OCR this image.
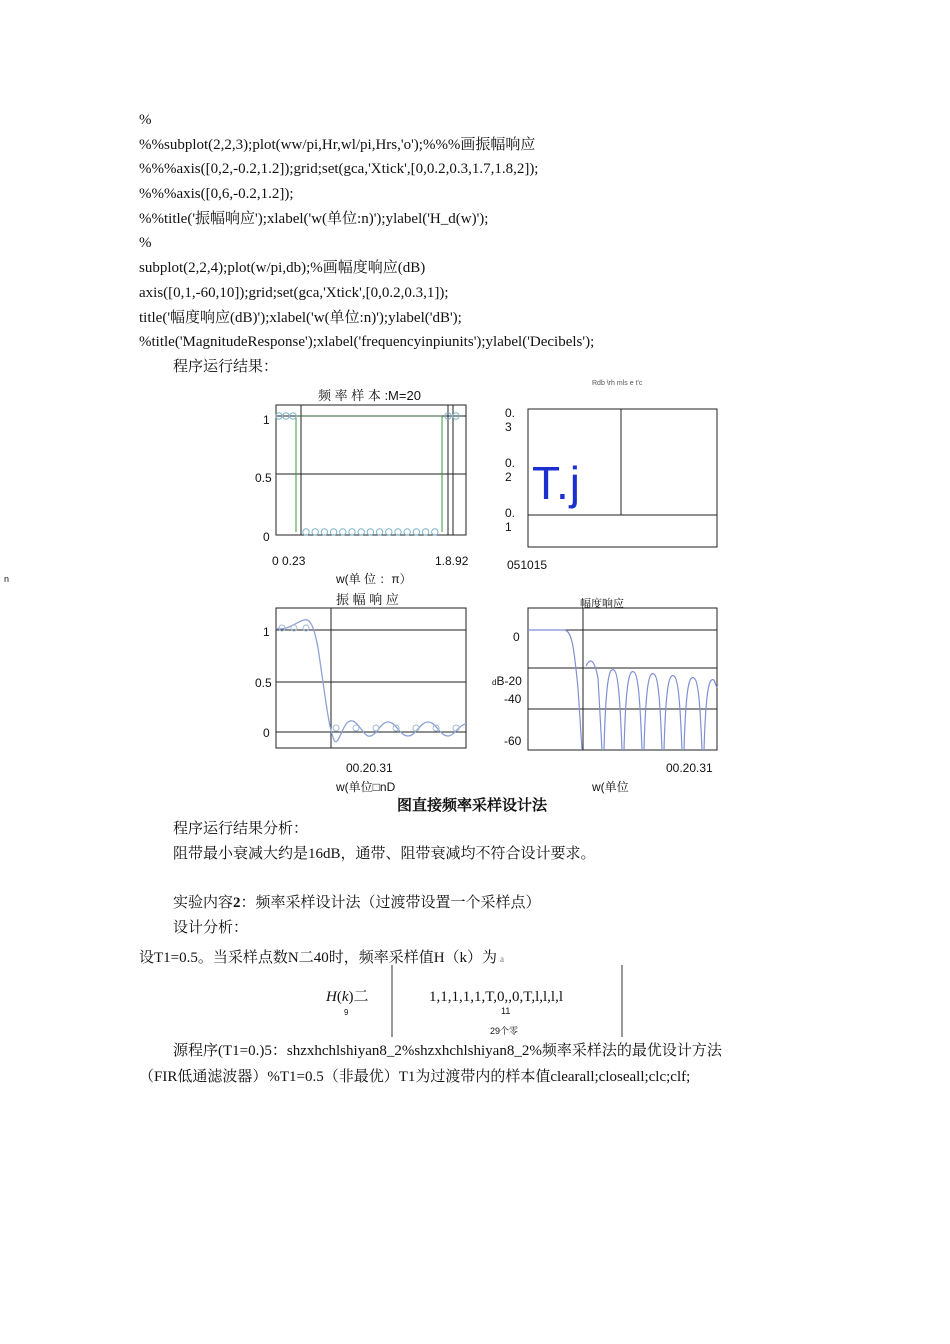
%
%%subplot(2,2,3);plot(ww/pi,Hr,wl/pi,Hrs,'o');%%%画振幅响应
%%%axis([0,2,-0.2,1.2]);grid;set(gca,'Xtick',[0,0.2,0.3,1.7,1.8,2]);
%%%axis([0,6,-0.2,1.2]);
%%title('振幅响应');xlabel('w(单位:n)');ylabel('H_d(w)');
%
subplot(2,2,4);plot(w/pi,db);%画幅度响应(dB)
axis([0,1,-60,10]);grid;set(gca,'Xtick',[0,0.2,0.3,1]);
title('幅度响应(dB)');xlabel('w(单位:n)');ylabel('dB');
%title('MagnitudeResponse');xlabel('frequencyinpiunits');ylabel('Decibels');
程序运行结果：
n
频 率 样 本 :M=20
1
0.5
0
0 0.23	1.8.92
w(单 位 ：π）
Rdb \rh mls e t'c
0.
3
0.
2
0.
1
T.j
051015
振 幅 响 应
1
0.5
0
00.20.31
w(单位□nD
幅度响应
0
dB-20
-40
-60
00.20.31
w(单位
图直接频率采样设计法
程序运行结果分析：
阻带最小衰减大约是16dB，通带、阻带衰减均不符合设计要求。
实验内容2：频率采样设计法（过渡带设置一个采样点）
设计分析：
设T1=0.5。当采样点数N二40时，频率采样值H（k）为 a
H(k)二
9
1,1,1,1,1,T,0,,0,T,l,l,l,l
11
29个零
源程序(T1=0.)5：shzxhchlshiyan8_2%shzxhchlshiyan8_2%频率采样法的最优设计方法
（FIR低通滤波器）%T1=0.5（非最优）T1为过渡带内的样本值clearall;closeall;clc;clf;
